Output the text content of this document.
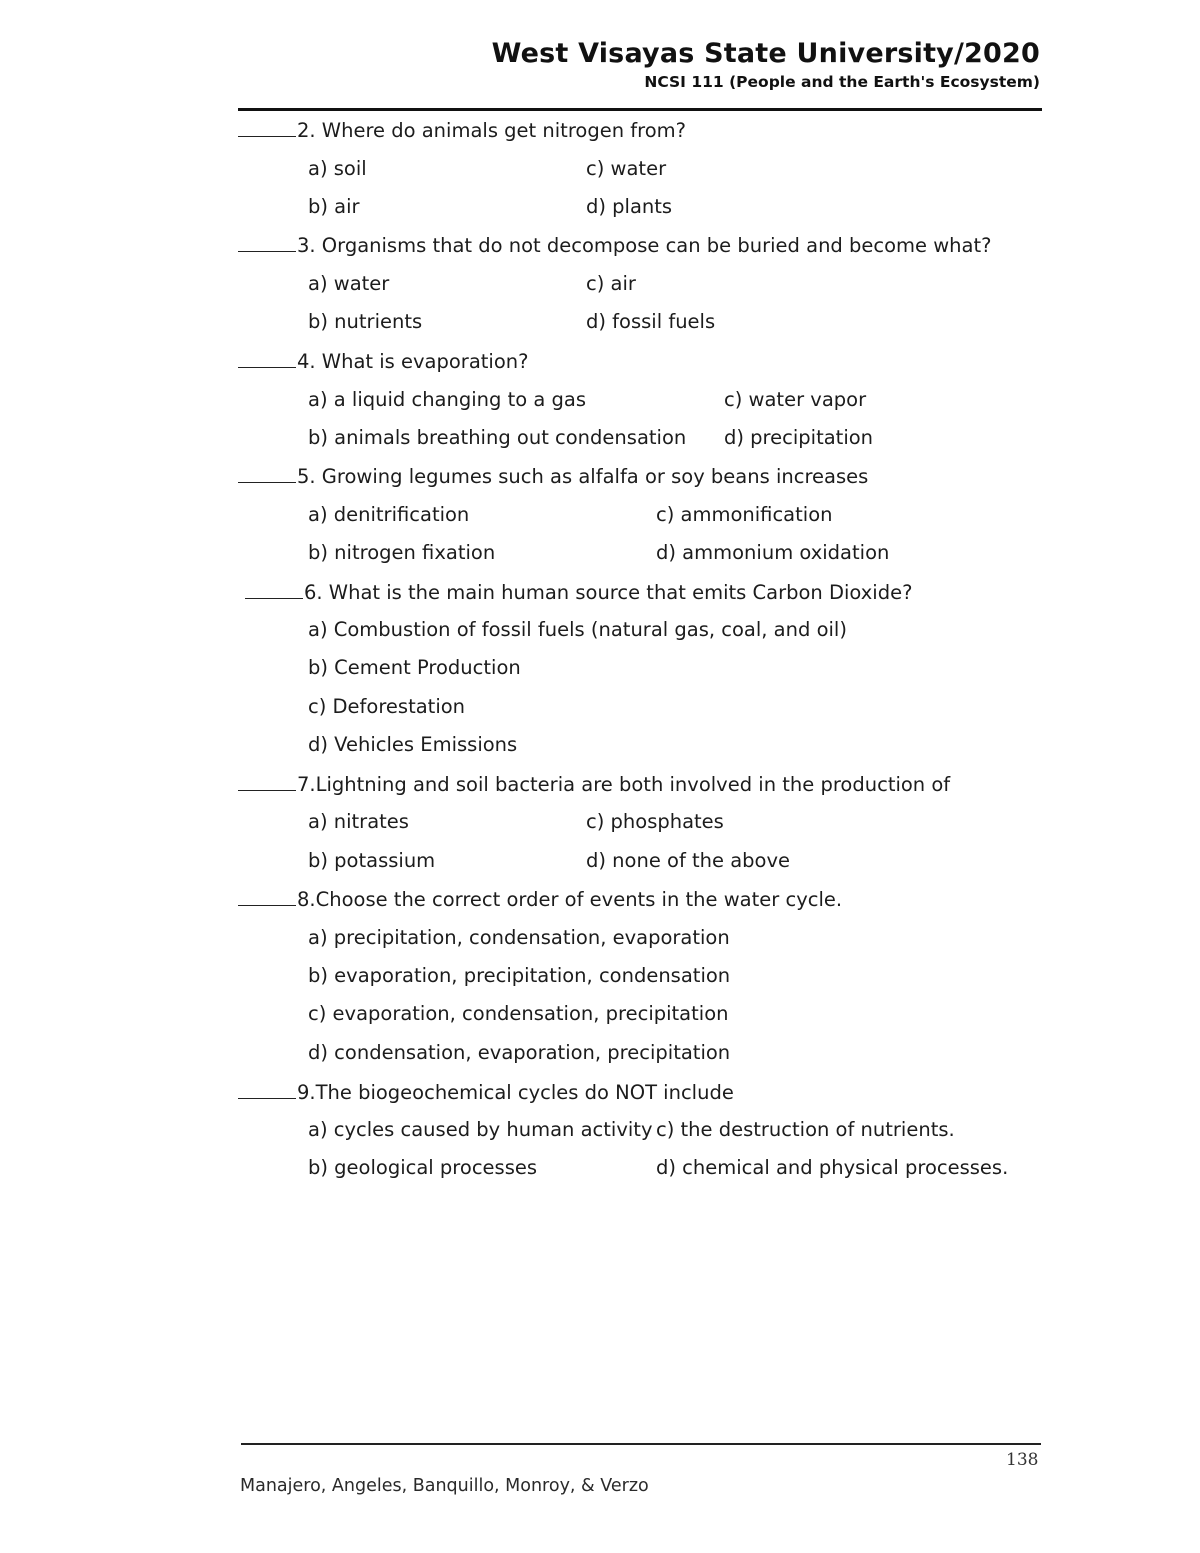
West Visayas State University/2020
NCSI 111 (People and the Earth's Ecosystem)
2. Where do animals get nitrogen from?
a) soil	c) water
b) air	d) plants
3. Organisms that do not decompose can be buried and become what?
a) water	c) air
b) nutrients	d) fossil fuels
4. What is evaporation?
a) a liquid changing to a gas	c) water vapor
b) animals breathing out condensation d) precipitation
5. Growing legumes such as alfalfa or soy beans increases
a) denitrification	c) ammonification
b) nitrogen fixation	d) ammonium oxidation
6. What is the main human source that emits Carbon Dioxide?
a) Combustion of fossil fuels (natural gas, coal, and oil)
b) Cement Production
c) Deforestation
d) Vehicles Emissions
7.Lightning and soil bacteria are both involved in the production of
a) nitrates	c) phosphates
b) potassium	d) none of the above
8.Choose the correct order of events in the water cycle.
a) precipitation, condensation, evaporation
b) evaporation, precipitation, condensation
c) evaporation, condensation, precipitation
d) condensation, evaporation, precipitation
9.The biogeochemical cycles do NOT include
a) cycles caused by human activity c) the destruction of nutrients.
b) geological processes	d) chemical and physical processes.
138
Manajero, Angeles, Banquillo, Monroy, & Verzo
